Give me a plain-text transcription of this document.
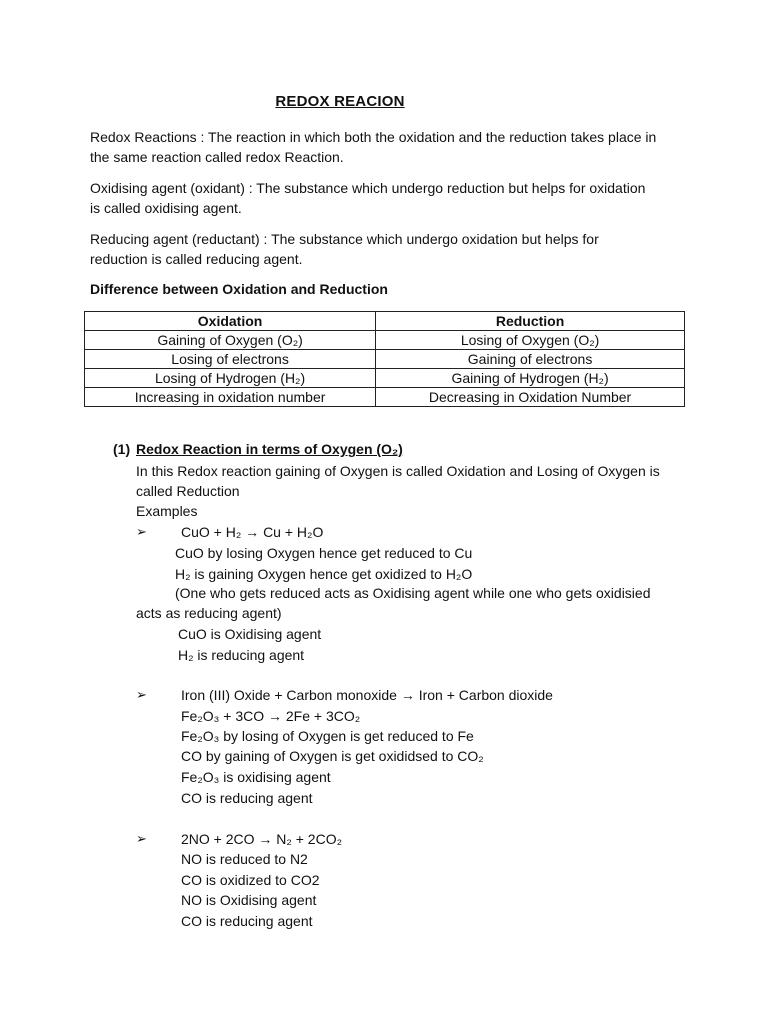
REDOX REACION
Redox Reactions : The reaction in which both the oxidation and the reduction takes place in
the same reaction called redox Reaction.
Oxidising agent (oxidant) : The substance which undergo reduction but helps for oxidation
is called oxidising agent.
Reducing agent (reductant) : The substance which undergo oxidation but helps for
reduction is called reducing agent.
Difference between Oxidation and Reduction
Oxidation	Reduction
Gaining of Oxygen (O₂)	Losing of Oxygen (O₂)
Losing of electrons	Gaining of electrons
Losing of Hydrogen (H₂)	Gaining of Hydrogen (H₂)
Increasing in oxidation number	Decreasing in Oxidation Number
(1) Redox Reaction in terms of Oxygen (O₂)
In this Redox reaction gaining of Oxygen is called Oxidation and Losing of Oxygen is
called Reduction
Examples
➢ CuO + H₂ → Cu + H₂O
CuO by losing Oxygen hence get reduced to Cu
H₂ is gaining Oxygen hence get oxidized to H₂O
(One who gets reduced acts as Oxidising agent while one who gets oxidisied
acts as reducing agent)
CuO is Oxidising agent
H₂ is reducing agent
➢ Iron (III) Oxide + Carbon monoxide → Iron + Carbon dioxide
Fe₂O₃ + 3CO → 2Fe + 3CO₂
Fe₂O₃ by losing of Oxygen is get reduced to Fe
CO by gaining of Oxygen is get oxididsed to CO₂
Fe₂O₃ is oxidising agent
CO is reducing agent
➢ 2NO + 2CO → N₂ + 2CO₂
NO is reduced to N2
CO is oxidized to CO2
NO is Oxidising agent
CO is reducing agent
